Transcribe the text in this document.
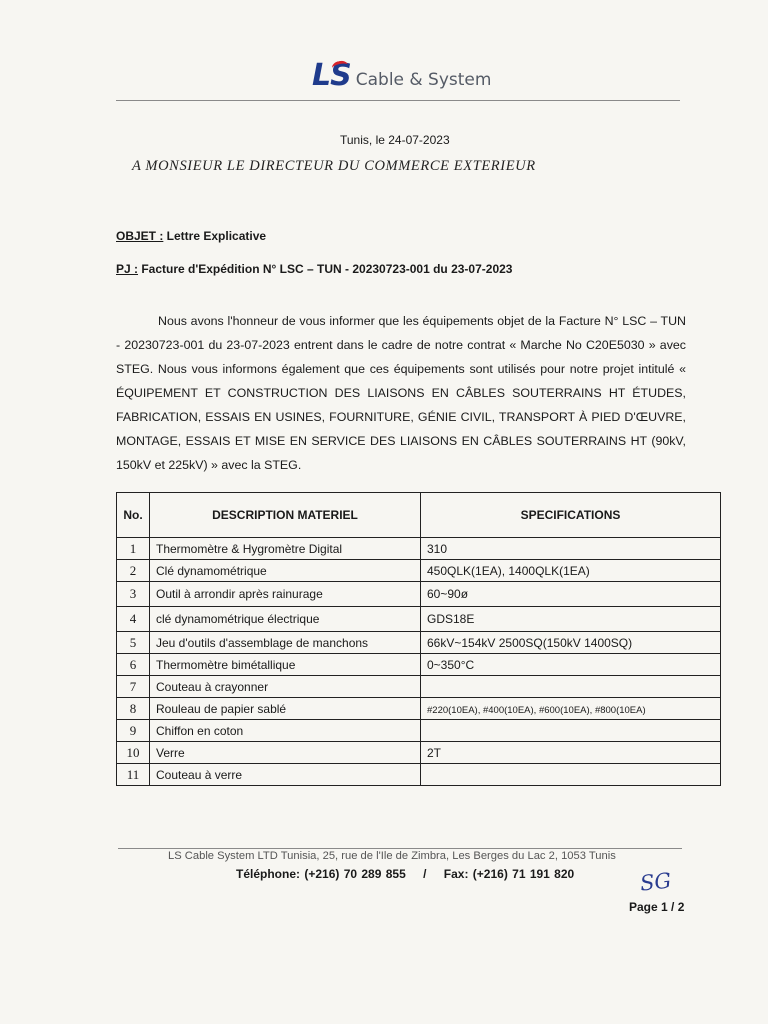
LS Cable & System
Tunis, le 24-07-2023
A MONSIEUR LE DIRECTEUR DU COMMERCE EXTERIEUR
OBJET : Lettre Explicative
PJ : Facture d'Expédition N° LSC – TUN - 20230723-001 du 23-07-2023

Nous avons l'honneur de vous informer que les équipements objet de la Facture N° LSC – TUN - 20230723-001 du 23-07-2023 entrent dans le cadre de notre contrat « Marche No C20E5030 » avec STEG. Nous vous informons également que ces équipements sont utilisés pour notre projet intitulé « ÉQUIPEMENT ET CONSTRUCTION DES LIAISONS EN CÂBLES SOUTERRAINS HT ÉTUDES, FABRICATION, ESSAIS EN USINES, FOURNITURE, GÉNIE CIVIL, TRANSPORT À PIED D'ŒUVRE, MONTAGE, ESSAIS ET MISE EN SERVICE DES LIAISONS EN CÂBLES SOUTERRAINS HT (90kV, 150kV et 225kV) » avec la STEG.

No.	DESCRIPTION MATERIEL	SPECIFICATIONS
1	Thermomètre & Hygromètre Digital	310
2	Clé dynamométrique	450QLK(1EA), 1400QLK(1EA)
3	Outil à arrondir après rainurage	60~90ø
4	clé dynamométrique électrique	GDS18E
5	Jeu d'outils d'assemblage de manchons	66kV~154kV 2500SQ(150kV 1400SQ)
6	Thermomètre bimétallique	0~350°C
7	Couteau à crayonner	
8	Rouleau de papier sablé	#220(10EA), #400(10EA), #600(10EA), #800(10EA)
9	Chiffon en coton	
10	Verre	2T
11	Couteau à verre	
LS Cable System LTD Tunisia, 25, rue de l'Ile de Zimbra, Les Berges du Lac 2, 1053 Tunis
Téléphone: (+216) 70 289 855 / Fax: (+216) 71 191 820	SG
Page 1 / 2
